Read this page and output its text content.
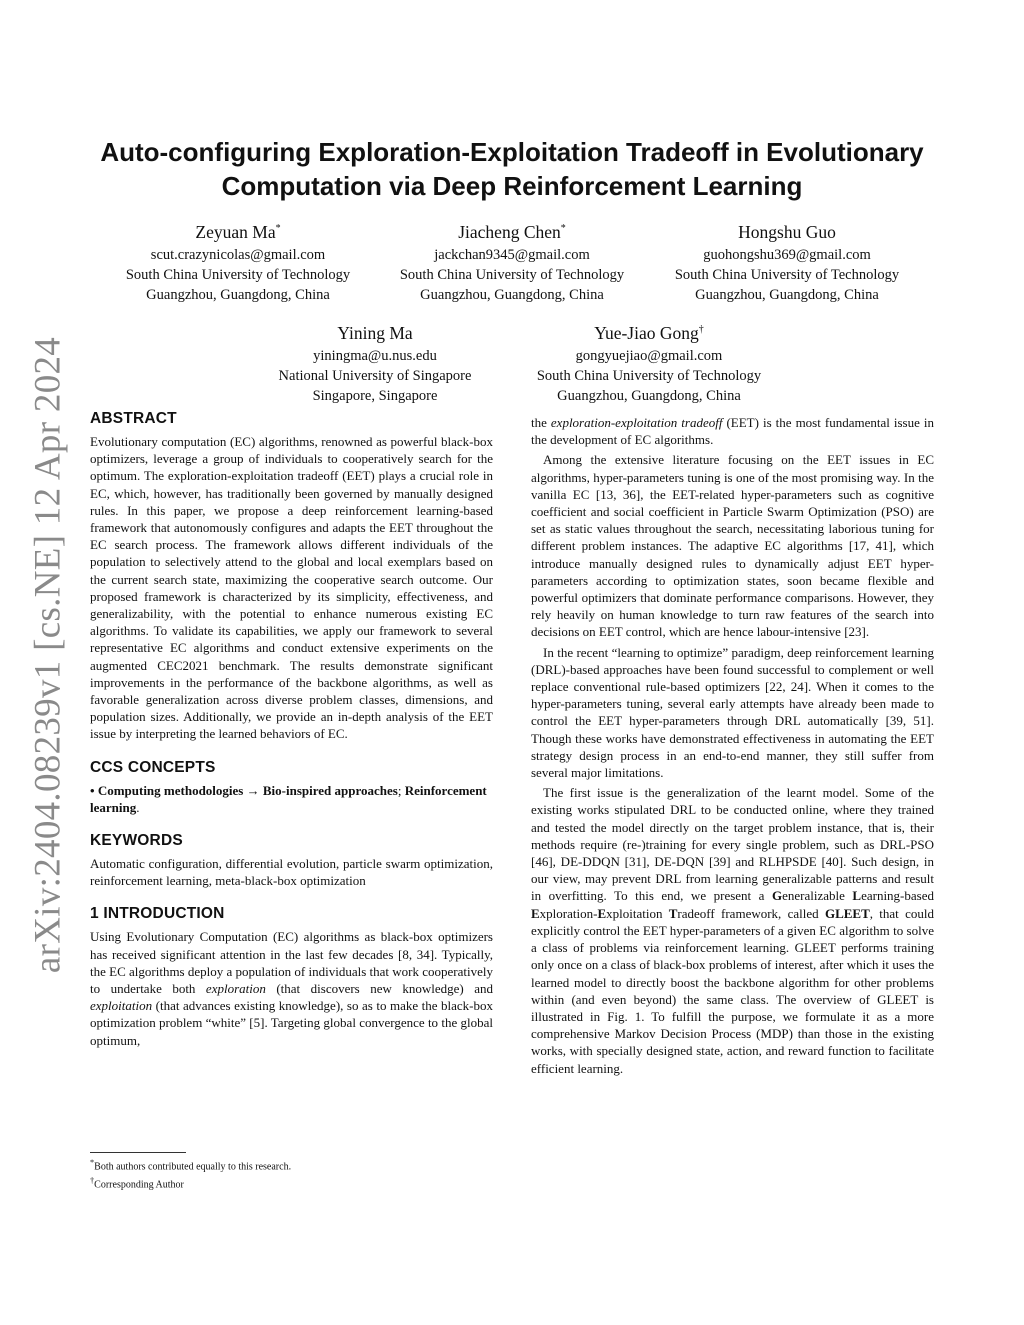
arXiv:2404.08239v1 [cs.NE] 12 Apr 2024
Auto-configuring Exploration-Exploitation Tradeoff in Evolutionary Computation via Deep Reinforcement Learning
Zeyuan Ma*
scut.crazynicolas@gmail.com
South China University of Technology
Guangzhou, Guangdong, China
Jiacheng Chen*
jackchan9345@gmail.com
South China University of Technology
Guangzhou, Guangdong, China
Hongshu Guo
guohongshu369@gmail.com
South China University of Technology
Guangzhou, Guangdong, China
Yining Ma
yiningma@u.nus.edu
National University of Singapore
Singapore, Singapore
Yue-Jiao Gong†
gongyuejiao@gmail.com
South China University of Technology
Guangzhou, Guangdong, China
ABSTRACT

Evolutionary computation (EC) algorithms, renowned as powerful black-box optimizers, leverage a group of individuals to cooperatively search for the optimum. The exploration-exploitation tradeoff (EET) plays a crucial role in EC, which, however, has traditionally been governed by manually designed rules. In this paper, we propose a deep reinforcement learning-based framework that autonomously configures and adapts the EET throughout the EC search process. The framework allows different individuals of the population to selectively attend to the global and local exemplars based on the current search state, maximizing the cooperative search outcome. Our proposed framework is characterized by its simplicity, effectiveness, and generalizability, with the potential to enhance numerous existing EC algorithms. To validate its capabilities, we apply our framework to several representative EC algorithms and conduct extensive experiments on the augmented CEC2021 benchmark. The results demonstrate significant improvements in the performance of the backbone algorithms, as well as favorable generalization across diverse problem classes, dimensions, and population sizes. Additionally, we provide an in-depth analysis of the EET issue by interpreting the learned behaviors of EC.

CCS CONCEPTS

• Computing methodologies → Bio-inspired approaches; Reinforcement learning.

KEYWORDS

Automatic configuration, differential evolution, particle swarm optimization, reinforcement learning, meta-black-box optimization

1 INTRODUCTION

Using Evolutionary Computation (EC) algorithms as black-box optimizers has received significant attention in the last few decades [8, 34]. Typically, the EC algorithms deploy a population of individuals that work cooperatively to undertake both exploration (that discovers new knowledge) and exploitation (that advances existing knowledge), so as to make the black-box optimization problem “white” [5]. Targeting global convergence to the global optimum,

the exploration-exploitation tradeoff (EET) is the most fundamental issue in the development of EC algorithms.

Among the extensive literature focusing on the EET issues in EC algorithms, hyper-parameters tuning is one of the most promising way. In the vanilla EC [13, 36], the EET-related hyper-parameters such as cognitive coefficient and social coefficient in Particle Swarm Optimization (PSO) are set as static values throughout the search, necessitating laborious tuning for different problem instances. The adaptive EC algorithms [17, 41], which introduce manually designed rules to dynamically adjust EET hyper-parameters according to optimization states, soon became flexible and powerful optimizers that dominate performance comparisons. However, they rely heavily on human knowledge to turn raw features of the search into decisions on EET control, which are hence labour-intensive [23].

In the recent “learning to optimize” paradigm, deep reinforcement learning (DRL)-based approaches have been found successful to complement or well replace conventional rule-based optimizers [22, 24]. When it comes to the hyper-parameters tuning, several early attempts have already been made to control the EET hyper-parameters through DRL automatically [39, 51]. Though these works have demonstrated effectiveness in automating the EET strategy design process in an end-to-end manner, they still suffer from several major limitations.

The first issue is the generalization of the learnt model. Some of the existing works stipulated DRL to be conducted online, where they trained and tested the model directly on the target problem instance, that is, their methods require (re-)training for every single problem, such as DRL-PSO [46], DE-DDQN [31], DE-DQN [39] and RLHPSDE [40]. Such design, in our view, may prevent DRL from learning generalizable patterns and result in overfitting. To this end, we present a Generalizable Learning-based Exploration-Exploitation Tradeoff framework, called GLEET, that could explicitly control the EET hyper-parameters of a given EC algorithm to solve a class of problems via reinforcement learning. GLEET performs training only once on a class of black-box problems of interest, after which it uses the learned model to directly boost the backbone algorithm for other problems within (and even beyond) the same class. The overview of GLEET is illustrated in Fig. 1. To fulfill the purpose, we formulate it as a more comprehensive Markov Decision Process (MDP) than those in the existing works, with specially designed state, action, and reward function to facilitate efficient learning.

*Both authors contributed equally to this research.
†Corresponding Author
